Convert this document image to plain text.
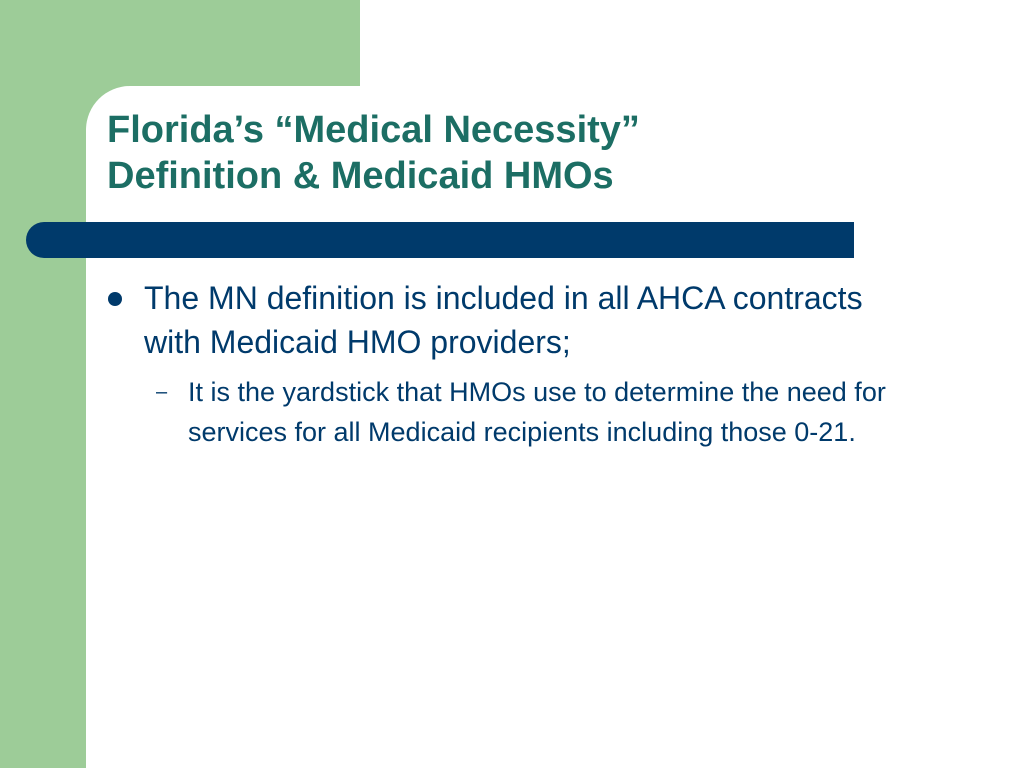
Florida’s “Medical Necessity”
Definition & Medicaid HMOs
The MN definition is included in all AHCA contracts with Medicaid HMO providers;
– It is the yardstick that HMOs use to determine the need for services for all Medicaid recipients including those 0-21.
